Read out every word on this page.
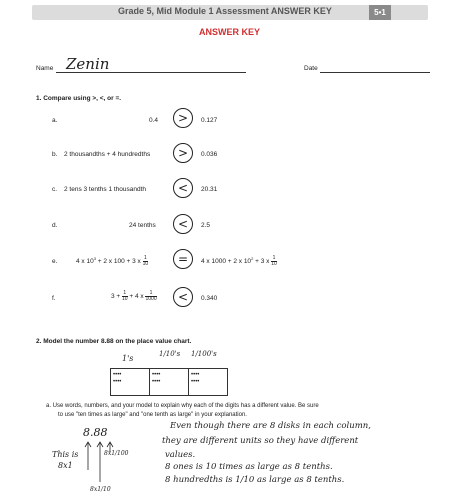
Grade 5, Mid Module 1 Assessment ANSWER KEY	5•1
ANSWER KEY
Name Zenin	Date
1. Compare using >, <, or =.
a.	0.4	>	0.127
b. 2 thousandths + 4 hundredths	>	0.036
c. 2 tens 3 tenths 1 thousandth	<	20.31
d.	24 tenths	<	2.5
e.	4 x $10^3 + 2$ x 100 + 3 x $\frac{1}{10}$	=	4 x 1000 + 2 x $10^2 + 3$ x $\frac{1}{10}$
f.	$3 + \frac{1}{10} + 4$ x $\frac{1}{1000}$	<	0.340
2. Model the number 8.88 on the place value chart.
1's	1/10's 1/100's
••••
••••
••••
••••
••••
••••
a. Use words, numbers, and your model to explain why each of the digits has a different value. Be sure
to use "ten times as large" and "one tenth as large" in your explanation.
8.88
This is
8x1
8x1/100
8x1/10
Even though there are 8 disks in each column,
they are different units so they have different
values.
8 ones is 10 times as large as 8 tenths.
8 hundredths is 1/10 as large as 8 tenths.
